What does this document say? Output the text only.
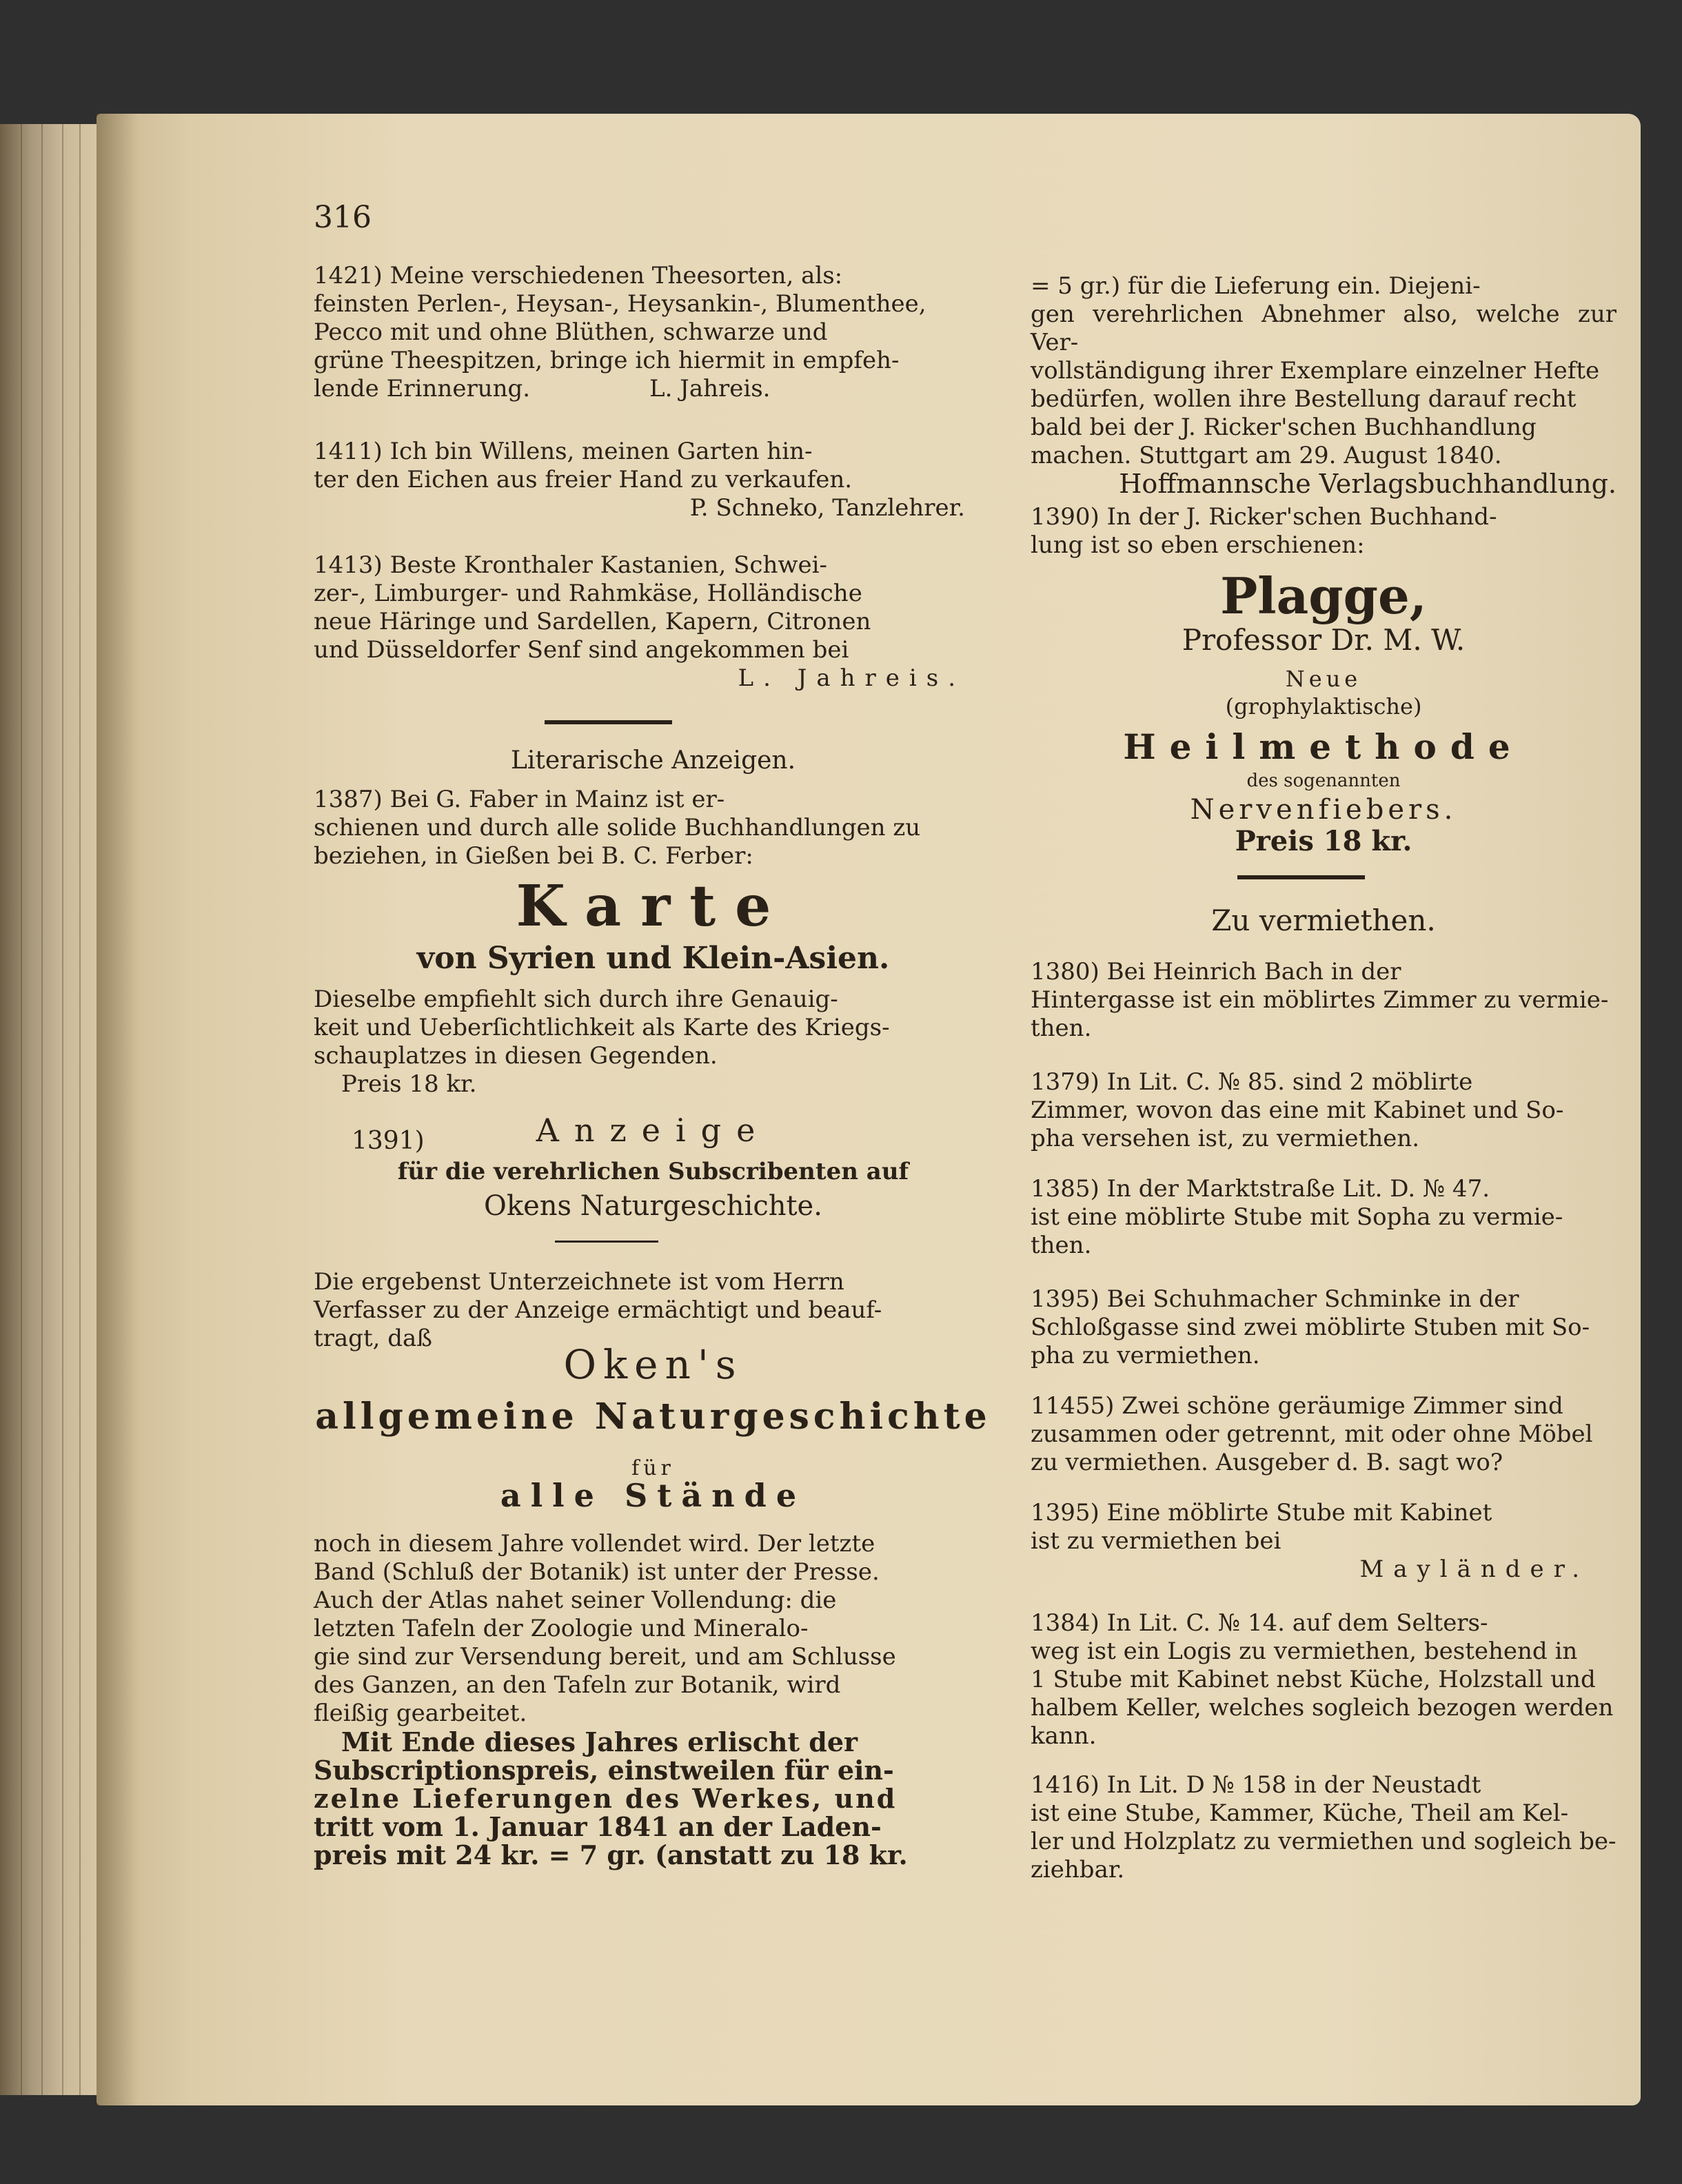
316

1421) Meine verschiedenen Theesorten, als:

feinsten Perlen-, Heysan-, Heysankin-, Blumenthee,

Pecco mit und ohne Blüthen, schwarze und

grüne Theespitzen, bringe ich hiermit in empfeh-

lende Erinnerung.                L. Jahreis.

1411) Ich bin Willens, meinen Garten hin-

ter den Eichen aus freier Hand zu verkaufen.

P. Schneko, Tanzlehrer.

1413) Beste Kronthaler Kastanien, Schwei-

zer-, Limburger- und Rahmkäse, Holländische

neue Häringe und Sardellen, Kapern, Citronen

und Düsseldorfer Senf sind angekommen bei

L. Jahreis.

Literarische Anzeigen.

1387) Bei G. Faber in Mainz ist er-

schienen und durch alle solide Buchhandlungen zu

beziehen, in Gießen bei B. C. Ferber:

Karte
von Syrien und Klein-Asien.

Dieselbe empfiehlt sich durch ihre Genauig-

keit und Ueberſichtlichkeit als Karte des Kriegs-

schauplatzes in diesen Gegenden.

Preis 18 kr.

1391)	Anzeige
für die verehrlichen Subscribenten auf
Okens Naturgeschichte.

Die ergebenst Unterzeichnete ist vom Herrn

Verfasser zu der Anzeige ermächtigt und beauf-

tragt, daß

Oken's
allgemeine Naturgeschichte
für
alle Stände

noch in diesem Jahre vollendet wird. Der letzte

Band (Schluß der Botanik) ist unter der Presse.

Auch der Atlas nahet seiner Vollendung: die

letzten Tafeln der Zoologie und Mineralo-

gie sind zur Versendung bereit, und am Schlusse

des Ganzen, an den Tafeln zur Botanik, wird

fleißig gearbeitet.

Mit Ende dieses Jahres erlischt der

Subscriptionspreis, einstweilen für ein-

zelne Lieferungen des Werkes, und

tritt vom 1. Januar 1841 an der Laden-

preis mit 24 kr. = 7 gr. (anstatt zu 18 kr.

= 5 gr.) für die Lieferung ein. Diejeni-

gen verehrlichen Abnehmer also, welche zur Ver-

vollständigung ihrer Exemplare einzelner Hefte

bedürfen, wollen ihre Bestellung darauf recht

bald bei der J. Ricker'schen Buchhandlung

machen. Stuttgart am 29. August 1840.

Hoffmannsche Verlagsbuchhandlung.

1390) In der J. Ricker'schen Buchhand-

lung ist so eben erschienen:

Plagge,
Professor Dr. M. W.
Neue
(grophylaktische)
Heilmethode
des sogenannten
Nervenfiebers.
Preis 18 kr.
Zu vermiethen.

1380) Bei Heinrich Bach in der

Hintergasse ist ein möblirtes Zimmer zu vermie-

then.

1379) In Lit. C. № 85. sind 2 möblirte

Zimmer, wovon das eine mit Kabinet und So-

pha versehen ist, zu vermiethen.

1385) In der Marktstraße Lit. D. № 47.

ist eine möblirte Stube mit Sopha zu vermie-

then.

1395) Bei Schuhmacher Schminke in der

Schloßgasse sind zwei möblirte Stuben mit So-

pha zu vermiethen.

11455) Zwei schöne geräumige Zimmer sind

zusammen oder getrennt, mit oder ohne Möbel

zu vermiethen. Ausgeber d. B. sagt wo?

1395) Eine möblirte Stube mit Kabinet

ist zu vermiethen bei

Mayländer.

1384) In Lit. C. № 14. auf dem Selters-

weg ist ein Logis zu vermiethen, bestehend in

1 Stube mit Kabinet nebst Küche, Holzstall und

halbem Keller, welches sogleich bezogen werden

kann.

1416) In Lit. D № 158 in der Neustadt

ist eine Stube, Kammer, Küche, Theil am Kel-

ler und Holzplatz zu vermiethen und sogleich be-

ziehbar.
